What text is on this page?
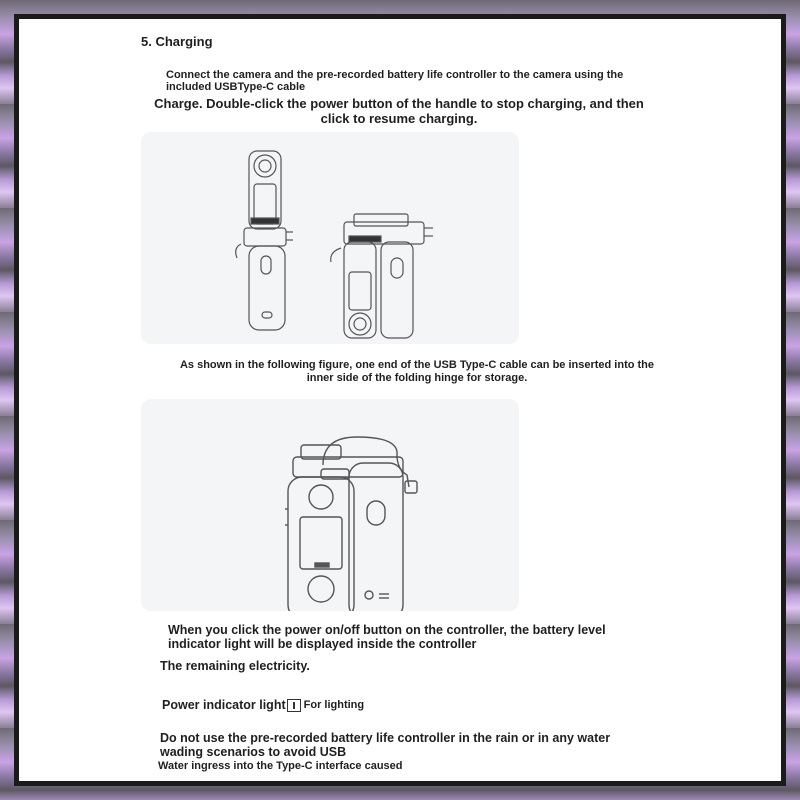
5. Charging
Connect the camera and the pre-recorded battery life controller to the camera using the included USBType-C cable
Charge. Double-click the power button of the handle to stop charging, and then click to resume charging.
As shown in the following figure, one end of the USB Type-C cable can be inserted into the inner side of the folding hinge for storage.
When you click the power on/off button on the controller, the battery level indicator light will be displayed inside the controller
The remaining electricity.
Power indicator light For lighting
Do not use the pre-recorded battery life controller in the rain or in any water wading scenarios to avoid USB
Water ingress into the Type-C interface caused
